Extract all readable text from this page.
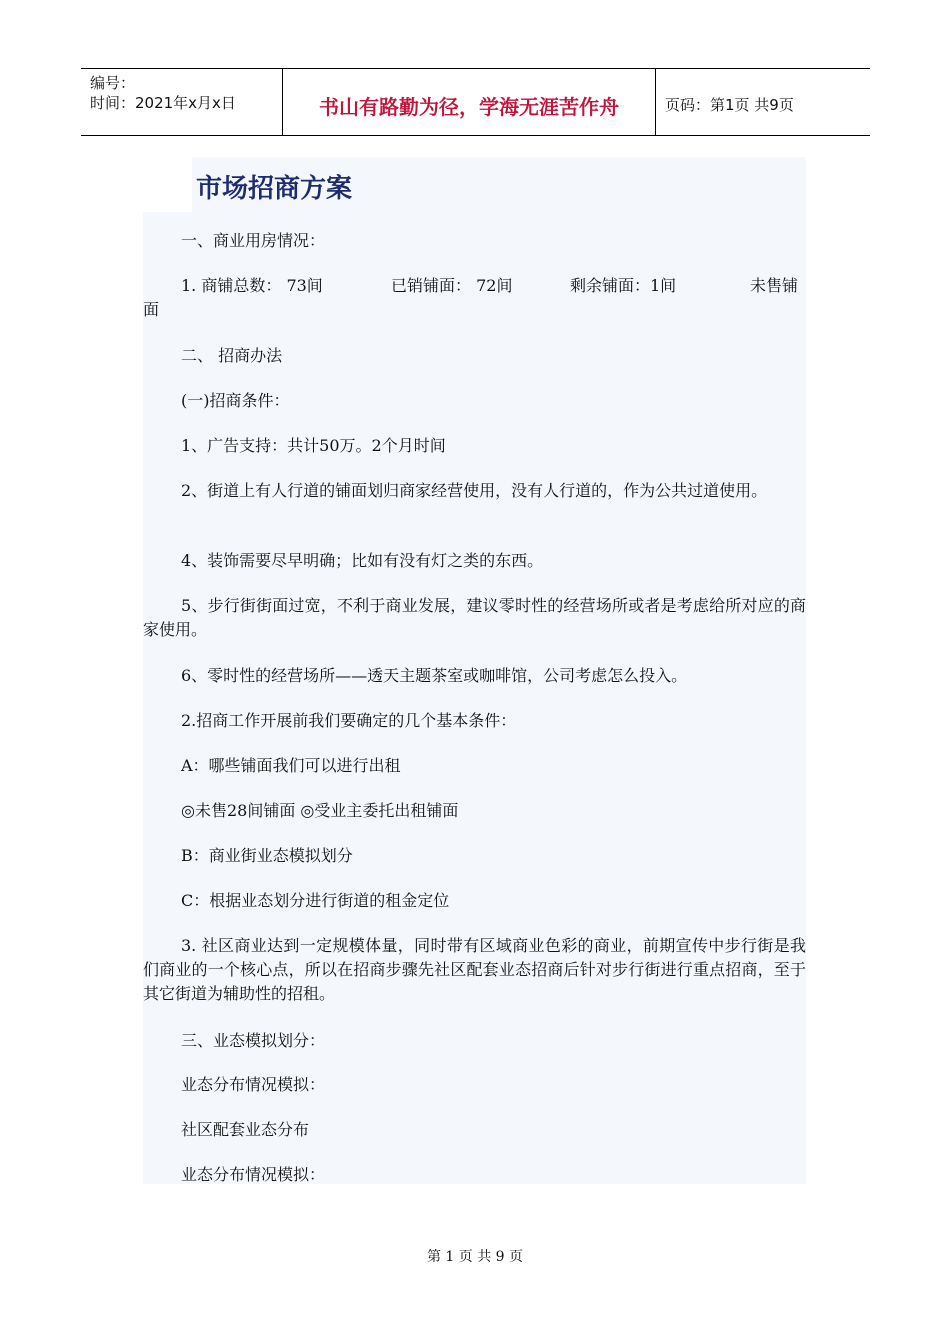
编号：
时间：2021年x月x日	书山有路勤为径，学海无涯苦作舟	页码：第1页 共9页
市场招商方案
一、商业用房情况：
1. 商铺总数： 73间	已销铺面： 72间	剩余铺面：1间	未售铺
面
二、 招商办法
(一)招商条件：
1、广告支持：共计50万。2个月时间
2、街道上有人行道的铺面划归商家经营使用，没有人行道的，作为公共过道使用。
4、装饰需要尽早明确；比如有没有灯之类的东西。
5、步行街街面过宽，不利于商业发展，建议零时性的经营场所或者是考虑给所对应的商家使用。
6、零时性的经营场所——透天主题茶室或咖啡馆，公司考虑怎么投入。
2.招商工作开展前我们要确定的几个基本条件：
A：哪些铺面我们可以进行出租
◎未售28间铺面 ◎受业主委托出租铺面
B：商业街业态模拟划分
C：根据业态划分进行街道的租金定位
3. 社区商业达到一定规模体量，同时带有区域商业色彩的商业，前期宣传中步行街是我们商业的一个核心点，所以在招商步骤先社区配套业态招商后针对步行街进行重点招商，至于其它街道为辅助性的招租。
三、业态模拟划分：
业态分布情况模拟：
社区配套业态分布
业态分布情况模拟：
第 1 页 共 9 页
